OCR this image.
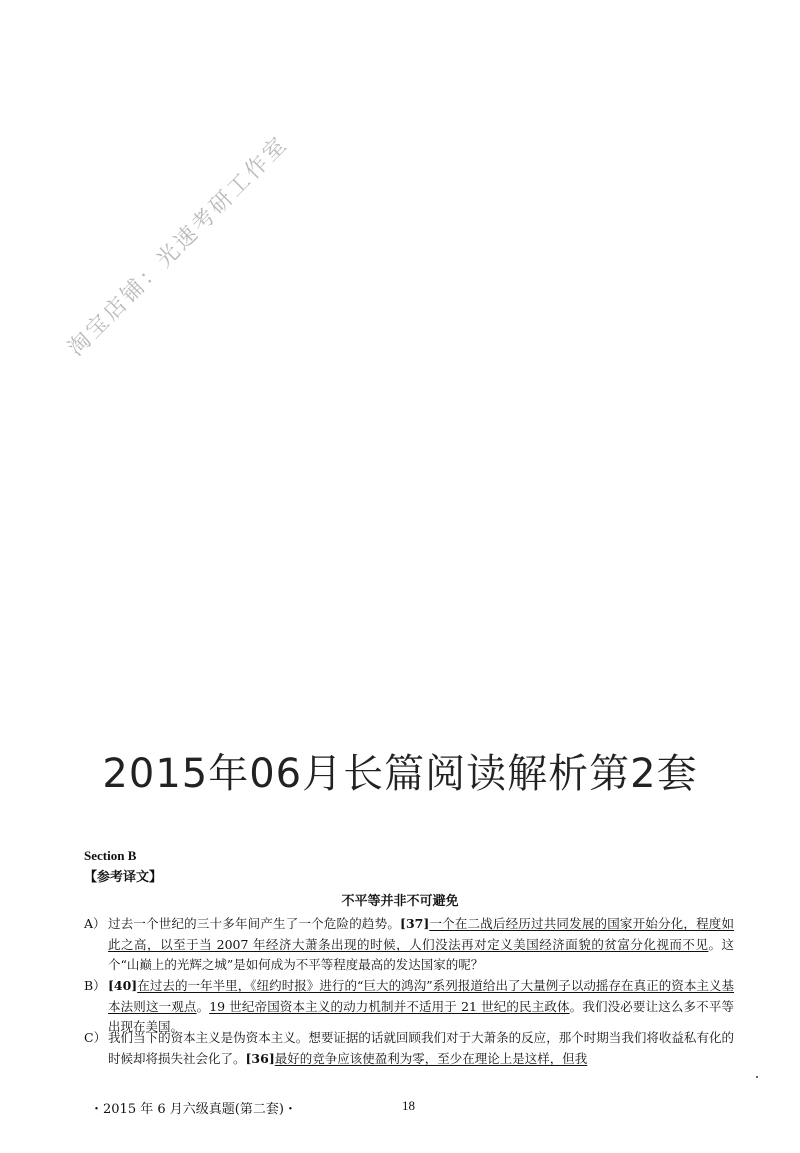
淘宝店铺：光速考研工作室
2015年06月长篇阅读解析第2套
Section B
【参考译文】
不平等并非不可避免
A） 过去一个世纪的三十多年间产生了一个危险的趋势。[37]一个在二战后经历过共同发展的国家开始分化，程度如此之高，以至于当 2007 年经济大萧条出现的时候，人们没法再对定义美国经济面貌的贫富分化视而不见。这个“山巅上的光辉之城”是如何成为不平等程度最高的发达国家的呢？
B） [40]在过去的一年半里，《纽约时报》进行的“巨大的鸿沟”系列报道给出了大量例子以动摇存在真正的资本主义基本法则这一观点。19 世纪帝国资本主义的动力机制并不适用于 21 世纪的民主政体。我们没必要让这么多不平等出现在美国。
C） 我们当下的资本主义是伪资本主义。想要证据的话就回顾我们对于大萧条的反应，那个时期当我们将收益私有化的时候却将损失社会化了。[36]最好的竞争应该使盈利为零，至少在理论上是这样，但我
・2015 年 6 月六级真题(第二套)・	18
